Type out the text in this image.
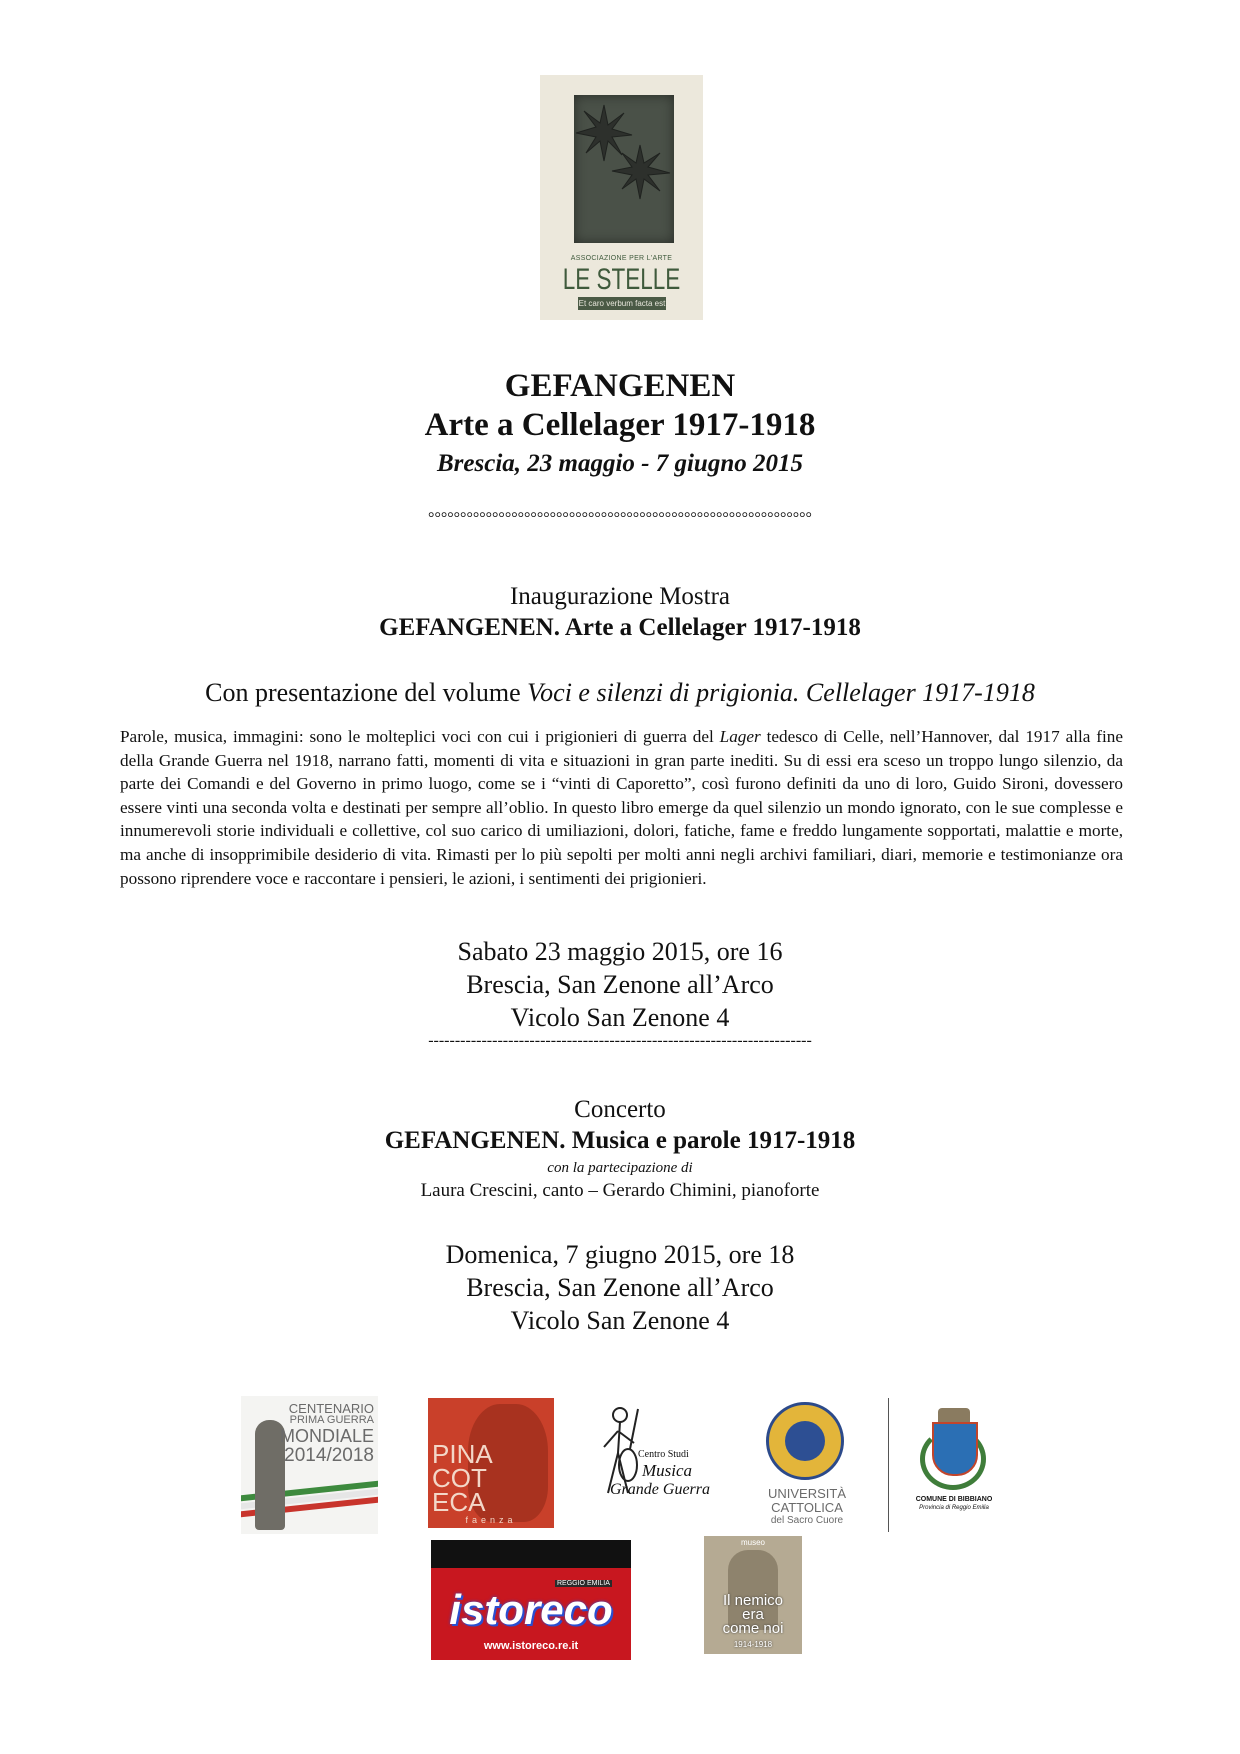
ASSOCIAZIONE PER L'ARTE
LE STELLE
Et caro verbum facta est
GEFANGENEN
Arte a Cellelager 1917-1918
Brescia, 23 maggio - 7 giugno 2015
°°°°°°°°°°°°°°°°°°°°°°°°°°°°°°°°°°°°°°°°°°°°°°°°°°°°°°°°°°°°
Inaugurazione Mostra
GEFANGENEN. Arte a Cellelager 1917-1918
Con presentazione del volume Voci e silenzi di prigionia. Cellelager 1917-1918
Parole, musica, immagini: sono le molteplici voci con cui i prigionieri di guerra del Lager tedesco di Celle, nell’Hannover, dal 1917 alla fine della Grande Guerra nel 1918, narrano fatti, momenti di vita e situazioni in gran parte inediti. Su di essi era sceso un troppo lungo silenzio, da parte dei Comandi e del Governo in primo luogo, come se i “vinti di Caporetto”, così furono definiti da uno di loro, Guido Sironi, dovessero essere vinti una seconda volta e destinati per sempre all’oblio. In questo libro emerge da quel silenzio un mondo ignorato, con le sue complesse e innumerevoli storie individuali e collettive, col suo carico di umiliazioni, dolori, fatiche, fame e freddo lungamente sopportati, malattie e morte, ma anche di insopprimibile desiderio di vita. Rimasti per lo più sepolti per molti anni negli archivi familiari, diari, memorie e testimonianze ora possono riprendere voce e raccontare i pensieri, le azioni, i sentimenti dei prigionieri.
Sabato 23 maggio 2015, ore 16
Brescia, San Zenone all’Arco
Vicolo San Zenone 4
------------------------------------------------------------------------
Concerto
GEFANGENEN. Musica e parole 1917-1918
con la partecipazione di
Laura Crescini, canto – Gerardo Chimini, pianoforte
Domenica, 7 giugno 2015, ore 18
Brescia, San Zenone all’Arco
Vicolo San Zenone 4
CENTENARIO
PRIMA GUERRA
MONDIALE
2014/2018 PINA
COT
ECA
faenza
Centro Studi
Musica
Grande Guerra	UNIVERSITÀ
CATTOLICA
del Sacro Cuore
COMUNE DI BIBBIANO
Provincia di Reggio Emilia
REGGIO EMILIA
istoreco
www.istoreco.re.it
museo
Il nemico
era
come noi
1914-1918
